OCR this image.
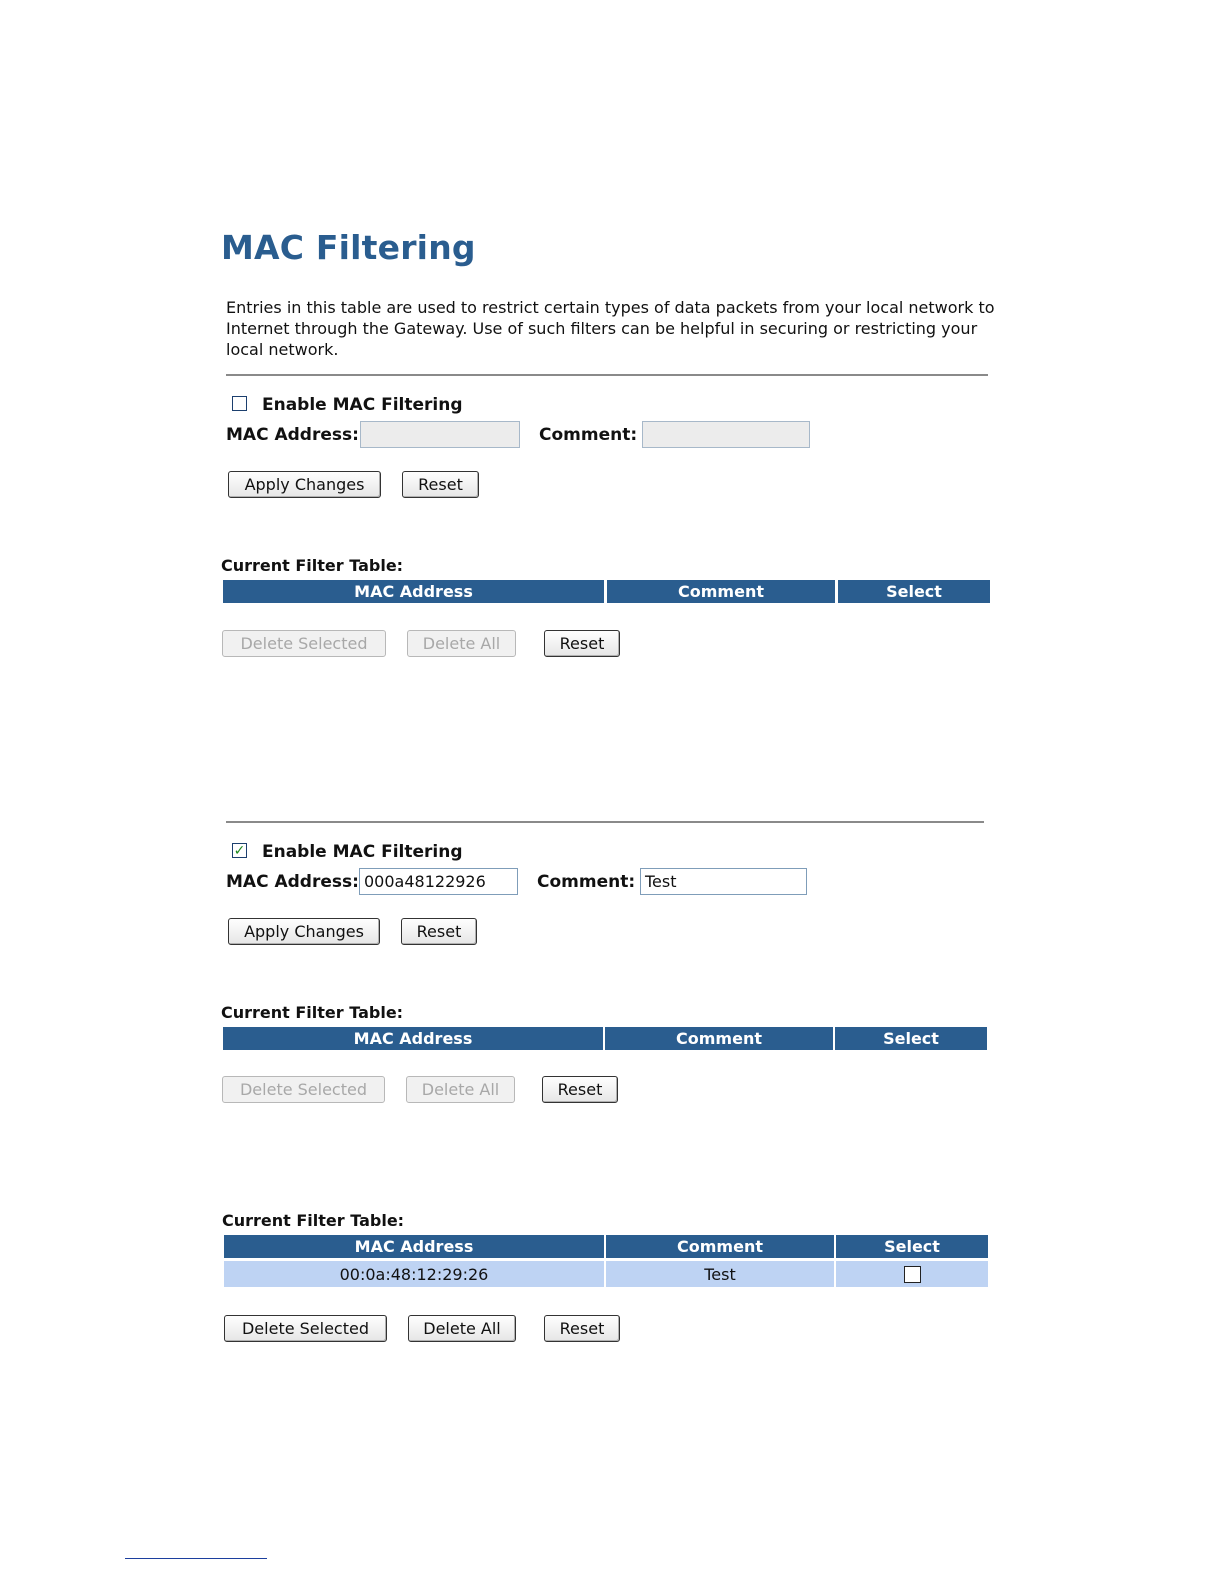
MAC Filtering
Entries in this table are used to restrict certain types of data packets from your local network to Internet through the Gateway. Use of such filters can be helpful in securing or restricting your local network.
Enable MAC Filtering
MAC Address:	Comment:
Apply Changes	Reset
Current Filter Table:
MAC Address	Comment	Select
Delete Selected	Delete All	Reset
✓ Enable MAC Filtering
MAC Address: 000a48122926	Comment: Test
Apply Changes	Reset
Current Filter Table:
MAC Address	Comment	Select
Delete Selected	Delete All	Reset
Current Filter Table:
MAC Address	Comment	Select
00:0a:48:12:29:26	Test
Delete Selected	Delete All	Reset
